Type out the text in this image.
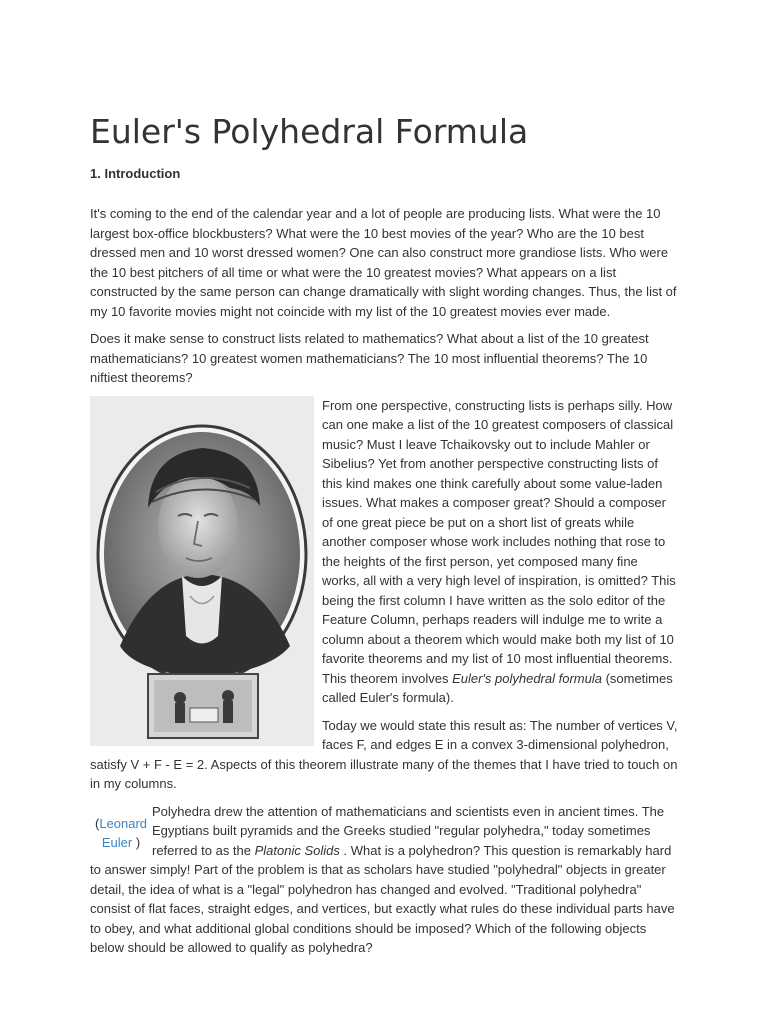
Euler's Polyhedral Formula
1. Introduction

It's coming to the end of the calendar year and a lot of people are producing lists. What were the 10 largest box-office blockbusters? What were the 10 best movies of the year? Who are the 10 best dressed men and 10 worst dressed women? One can also construct more grandiose lists. Who were the 10 best pitchers of all time or what were the 10 greatest movies? What appears on a list constructed by the same person can change dramatically with slight wording changes. Thus, the list of my 10 favorite movies might not coincide with my list of the 10 greatest movies ever made.

Does it make sense to construct lists related to mathematics? What about a list of the 10 greatest mathematicians? 10 greatest women mathematicians? The 10 most influential theorems? The 10 niftiest theorems?

From one perspective, constructing lists is perhaps silly. How can one make a list of the 10 greatest composers of classical music? Must I leave Tchaikovsky out to include Mahler or Sibelius? Yet from another perspective constructing lists of this kind makes one think carefully about some value-laden issues. What makes a composer great? Should a composer of one great piece be put on a short list of greats while another composer whose work includes nothing that rose to the heights of the first person, yet composed many fine works, all with a very high level of inspiration, is omitted? This being the first column I have written as the solo editor of the Feature Column, perhaps readers will indulge me to write a column about a theorem which would make both my list of 10 favorite theorems and my list of 10 most influential theorems. This theorem involves Euler's polyhedral formula (sometimes called Euler's formula).

Today we would state this result as: The number of vertices V, faces F, and edges E in a convex 3-dimensional polyhedron, satisfy V + F - E = 2. Aspects of this theorem illustrate many of the themes that I have tried to touch on in my columns.

(Leonard Euler )

Polyhedra drew the attention of mathematicians and scientists even in ancient times. The Egyptians built pyramids and the Greeks studied "regular polyhedra," today sometimes referred to as the Platonic Solids . What is a polyhedron? This question is remarkably hard to answer simply! Part of the problem is that as scholars have studied "polyhedral" objects in greater detail, the idea of what is a "legal" polyhedron has changed and evolved. "Traditional polyhedra" consist of flat faces, straight edges, and vertices, but exactly what rules do these individual parts have to obey, and what additional global conditions should be imposed? Which of the following objects below should be allowed to qualify as polyhedra?
